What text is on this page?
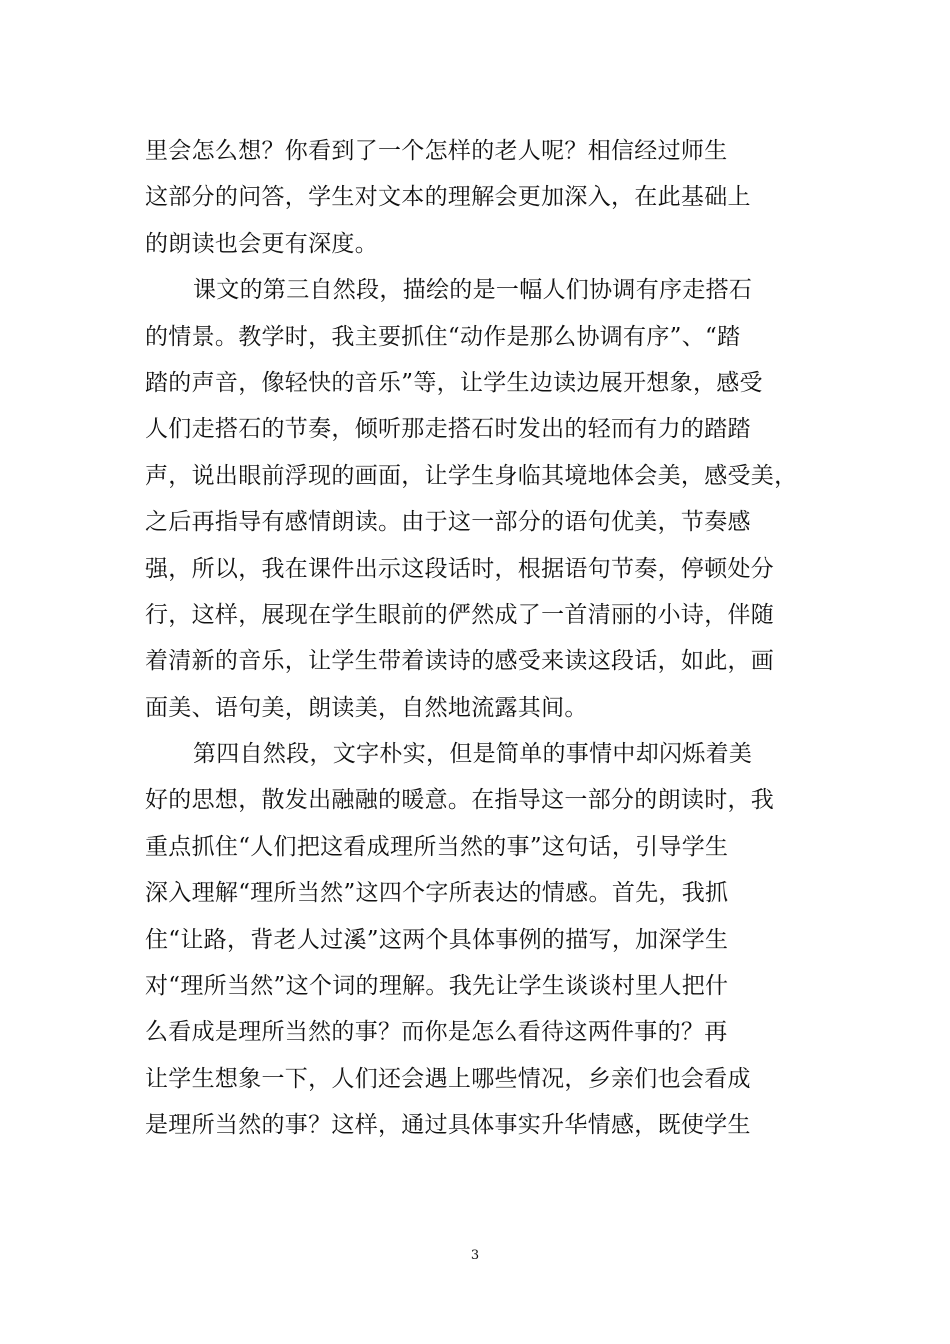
里会怎么想？你看到了一个怎样的老人呢？相信经过师生
这部分的问答，学生对文本的理解会更加深入，在此基础上
的朗读也会更有深度。
课文的第三自然段，描绘的是一幅人们协调有序走搭石
的情景。教学时，我主要抓住“动作是那么协调有序”、“踏
踏的声音，像轻快的音乐”等，让学生边读边展开想象，感受
人们走搭石的节奏，倾听那走搭石时发出的轻而有力的踏踏
声，说出眼前浮现的画面，让学生身临其境地体会美，感受美，
之后再指导有感情朗读。由于这一部分的语句优美，节奏感
强，所以，我在课件出示这段话时，根据语句节奏，停顿处分
行，这样，展现在学生眼前的俨然成了一首清丽的小诗，伴随
着清新的音乐，让学生带着读诗的感受来读这段话，如此，画
面美、语句美，朗读美，自然地流露其间。
第四自然段，文字朴实，但是简单的事情中却闪烁着美
好的思想，散发出融融的暖意。在指导这一部分的朗读时，我
重点抓住“人们把这看成理所当然的事”这句话，引导学生
深入理解“理所当然”这四个字所表达的情感。首先，我抓
住“让路，背老人过溪”这两个具体事例的描写，加深学生
对“理所当然”这个词的理解。我先让学生谈谈村里人把什
么看成是理所当然的事？而你是怎么看待这两件事的？再
让学生想象一下，人们还会遇上哪些情况，乡亲们也会看成
是理所当然的事？这样，通过具体事实升华情感，既使学生
3
